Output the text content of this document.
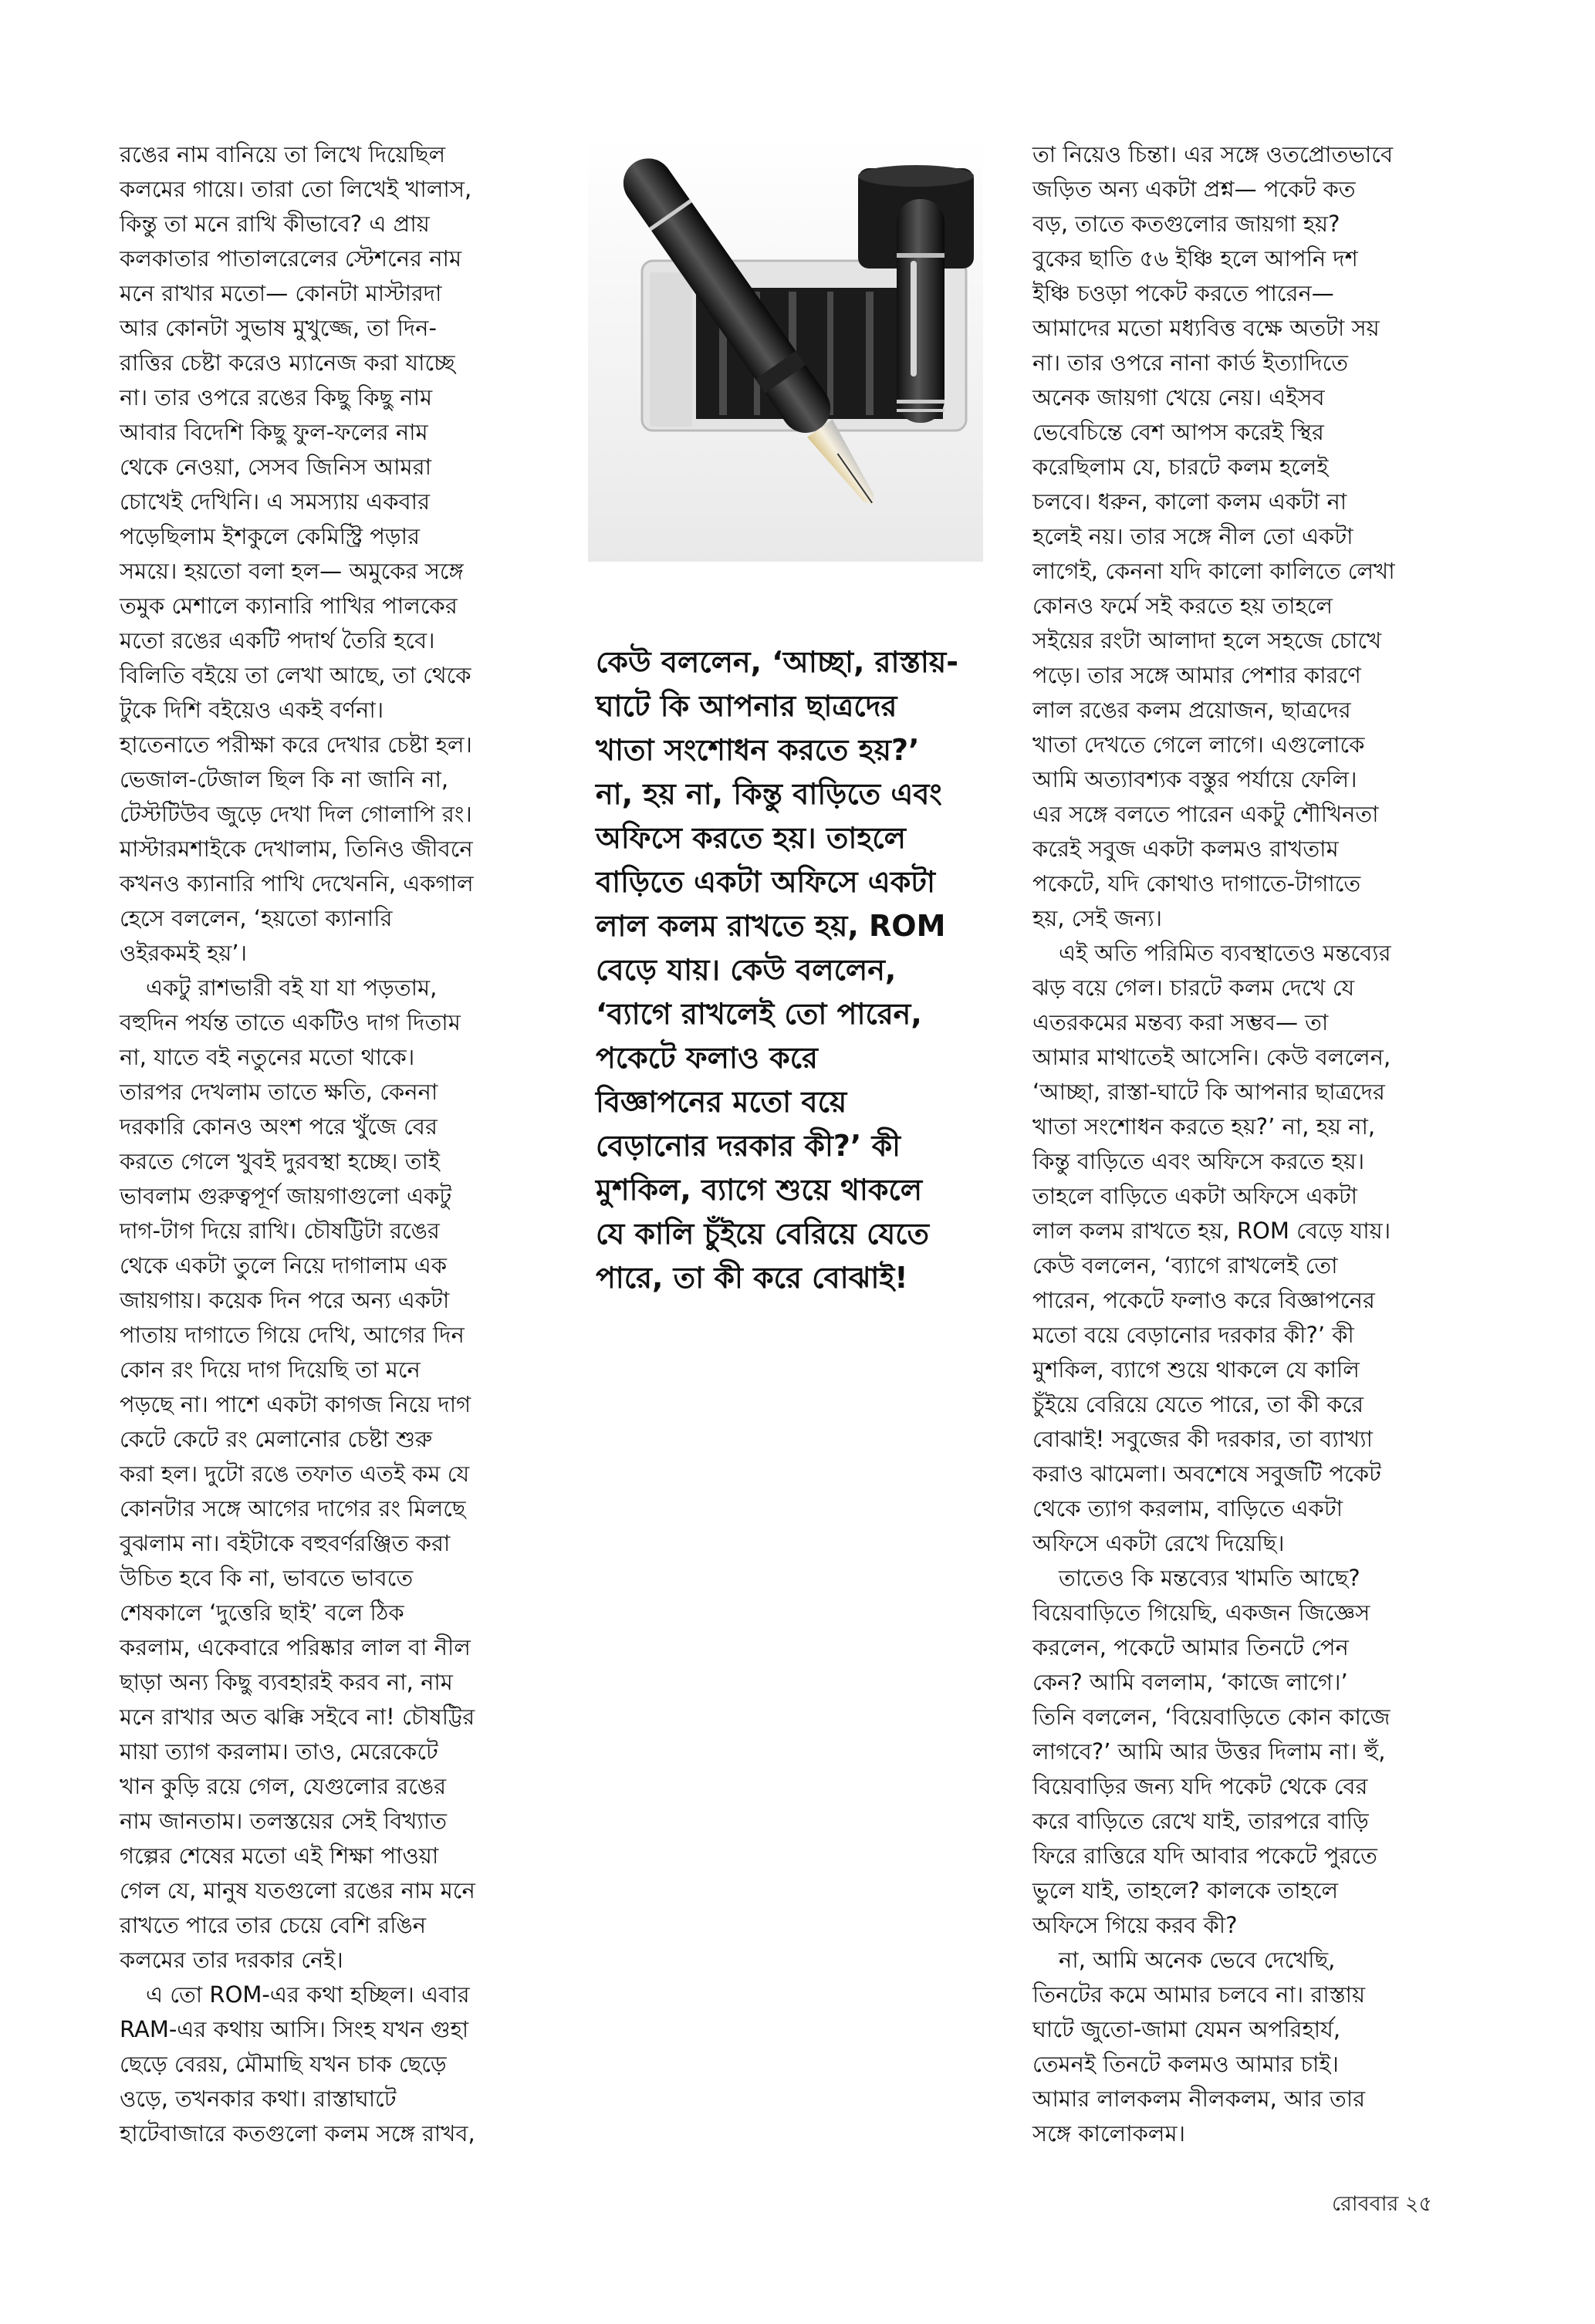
রঙের নাম বানিয়ে তা লিখে দিয়েছিল
কলমের গায়ে। তারা তো লিখেই খালাস,
কিন্তু তা মনে রাখি কীভাবে? এ প্রায়
কলকাতার পাতালরেলের স্টেশনের নাম
মনে রাখার মতো— কোনটা মাস্টারদা
আর কোনটা সুভাষ মুখুজ্জে, তা দিন-
রাত্তির চেষ্টা করেও ম্যানেজ করা যাচ্ছে
না। তার ওপরে রঙের কিছু কিছু নাম
আবার বিদেশি কিছু ফুল-ফলের নাম
থেকে নেওয়া, সেসব জিনিস আমরা
চোখেই দেখিনি। এ সমস্যায় একবার
পড়েছিলাম ইশকুলে কেমিস্ট্রি পড়ার
সময়ে। হয়তো বলা হল— অমুকের সঙ্গে
তমুক মেশালে ক্যানারি পাখির পালকের
মতো রঙের একটি পদার্থ তৈরি হবে।
বিলিতি বইয়ে তা লেখা আছে, তা থেকে
টুকে দিশি বইয়েও একই বর্ণনা।
হাতেনাতে পরীক্ষা করে দেখার চেষ্টা হল।
ভেজাল-টেজাল ছিল কি না জানি না,
টেস্টটিউব জুড়ে দেখা দিল গোলাপি রং।
মাস্টারমশাইকে দেখালাম, তিনিও জীবনে
কখনও ক্যানারি পাখি দেখেননি, একগাল
হেসে বললেন, ‘হয়তো ক্যানারি
ওইরকমই হয়’।
একটু রাশভারী বই যা যা পড়তাম,
বহুদিন পর্যন্ত তাতে একটিও দাগ দিতাম
না, যাতে বই নতুনের মতো থাকে।
তারপর দেখলাম তাতে ক্ষতি, কেননা
দরকারি কোনও অংশ পরে খুঁজে বের
করতে গেলে খুবই দুরবস্থা হচ্ছে। তাই
ভাবলাম গুরুত্বপূর্ণ জায়গাগুলো একটু
দাগ-টাগ দিয়ে রাখি। চৌষট্টিটা রঙের
থেকে একটা তুলে নিয়ে দাগালাম এক
জায়গায়। কয়েক দিন পরে অন্য একটা
পাতায় দাগাতে গিয়ে দেখি, আগের দিন
কোন রং দিয়ে দাগ দিয়েছি তা মনে
পড়ছে না। পাশে একটা কাগজ নিয়ে দাগ
কেটে কেটে রং মেলানোর চেষ্টা শুরু
করা হল। দুটো রঙে তফাত এতই কম যে
কোনটার সঙ্গে আগের দাগের রং মিলছে
বুঝলাম না। বইটাকে বহুবর্ণরঞ্জিত করা
উচিত হবে কি না, ভাবতে ভাবতে
শেষকালে ‘দুত্তেরি ছাই’ বলে ঠিক
করলাম, একেবারে পরিষ্কার লাল বা নীল
ছাড়া অন্য কিছু ব্যবহারই করব না, নাম
মনে রাখার অত ঝক্কি সইবে না! চৌষট্টির
মায়া ত্যাগ করলাম। তাও, মেরেকেটে
খান কুড়ি রয়ে গেল, যেগুলোর রঙের
নাম জানতাম। তলস্তয়ের সেই বিখ্যাত
গল্পের শেষের মতো এই শিক্ষা পাওয়া
গেল যে, মানুষ যতগুলো রঙের নাম মনে
রাখতে পারে তার চেয়ে বেশি রঙিন
কলমের তার দরকার নেই।
এ তো ROM-এর কথা হচ্ছিল। এবার
RAM-এর কথায় আসি। সিংহ যখন গুহা
ছেড়ে বেরয়, মৌমাছি যখন চাক ছেড়ে
ওড়ে, তখনকার কথা। রাস্তাঘাটে
হাটেবাজারে কতগুলো কলম সঙ্গে রাখব,
কেউ বললেন, ‘আচ্ছা, রাস্তায়-
ঘাটে কি আপনার ছাত্রদের
খাতা সংশোধন করতে হয়?’
না, হয় না, কিন্তু বাড়িতে এবং
অফিসে করতে হয়। তাহলে
বাড়িতে একটা অফিসে একটা
লাল কলম রাখতে হয়, ROM
বেড়ে যায়। কেউ বললেন,
‘ব্যাগে রাখলেই তো পারেন,
পকেটে ফলাও করে
বিজ্ঞাপনের মতো বয়ে
বেড়ানোর দরকার কী?’ কী
মুশকিল, ব্যাগে শুয়ে থাকলে
যে কালি চুঁইয়ে বেরিয়ে যেতে
পারে, তা কী করে বোঝাই!
তা নিয়েও চিন্তা। এর সঙ্গে ওতপ্রোতভাবে
জড়িত অন্য একটা প্রশ্ন— পকেট কত
বড়, তাতে কতগুলোর জায়গা হয়?
বুকের ছাতি ৫৬ ইঞ্চি হলে আপনি দশ
ইঞ্চি চওড়া পকেট করতে পারেন—
আমাদের মতো মধ্যবিত্ত বক্ষে অতটা সয়
না। তার ওপরে নানা কার্ড ইত্যাদিতে
অনেক জায়গা খেয়ে নেয়। এইসব
ভেবেচিন্তে বেশ আপস করেই স্থির
করেছিলাম যে, চারটে কলম হলেই
চলবে। ধরুন, কালো কলম একটা না
হলেই নয়। তার সঙ্গে নীল তো একটা
লাগেই, কেননা যদি কালো কালিতে লেখা
কোনও ফর্মে সই করতে হয় তাহলে
সইয়ের রংটা আলাদা হলে সহজে চোখে
পড়ে। তার সঙ্গে আমার পেশার কারণে
লাল রঙের কলম প্রয়োজন, ছাত্রদের
খাতা দেখতে গেলে লাগে। এগুলোকে
আমি অত্যাবশ্যক বস্তুর পর্যায়ে ফেলি।
এর সঙ্গে বলতে পারেন একটু শৌখিনতা
করেই সবুজ একটা কলমও রাখতাম
পকেটে, যদি কোথাও দাগাতে-টাগাতে
হয়, সেই জন্য।
এই অতি পরিমিত ব্যবস্থাতেও মন্তব্যের
ঝড় বয়ে গেল। চারটে কলম দেখে যে
এতরকমের মন্তব্য করা সম্ভব— তা
আমার মাথাতেই আসেনি। কেউ বললেন,
‘আচ্ছা, রাস্তা-ঘাটে কি আপনার ছাত্রদের
খাতা সংশোধন করতে হয়?’ না, হয় না,
কিন্তু বাড়িতে এবং অফিসে করতে হয়।
তাহলে বাড়িতে একটা অফিসে একটা
লাল কলম রাখতে হয়, ROM বেড়ে যায়।
কেউ বললেন, ‘ব্যাগে রাখলেই তো
পারেন, পকেটে ফলাও করে বিজ্ঞাপনের
মতো বয়ে বেড়ানোর দরকার কী?’ কী
মুশকিল, ব্যাগে শুয়ে থাকলে যে কালি
চুঁইয়ে বেরিয়ে যেতে পারে, তা কী করে
বোঝাই! সবুজের কী দরকার, তা ব্যাখ্যা
করাও ঝামেলা। অবশেষে সবুজটি পকেট
থেকে ত্যাগ করলাম, বাড়িতে একটা
অফিসে একটা রেখে দিয়েছি।
তাতেও কি মন্তব্যের খামতি আছে?
বিয়েবাড়িতে গিয়েছি, একজন জিজ্ঞেস
করলেন, পকেটে আমার তিনটে পেন
কেন? আমি বললাম, ‘কাজে লাগে।’
তিনি বললেন, ‘বিয়েবাড়িতে কোন কাজে
লাগবে?’ আমি আর উত্তর দিলাম না। হুঁ,
বিয়েবাড়ির জন্য যদি পকেট থেকে বের
করে বাড়িতে রেখে যাই, তারপরে বাড়ি
ফিরে রাত্তিরে যদি আবার পকেটে পুরতে
ভুলে যাই, তাহলে? কালকে তাহলে
অফিসে গিয়ে করব কী?
না, আমি অনেক ভেবে দেখেছি,
তিনটের কমে আমার চলবে না। রাস্তায়
ঘাটে জুতো-জামা যেমন অপরিহার্য,
তেমনই তিনটে কলমও আমার চাই।
আমার লালকলম নীলকলম, আর তার
সঙ্গে কালোকলম।
রোববার ২৫
